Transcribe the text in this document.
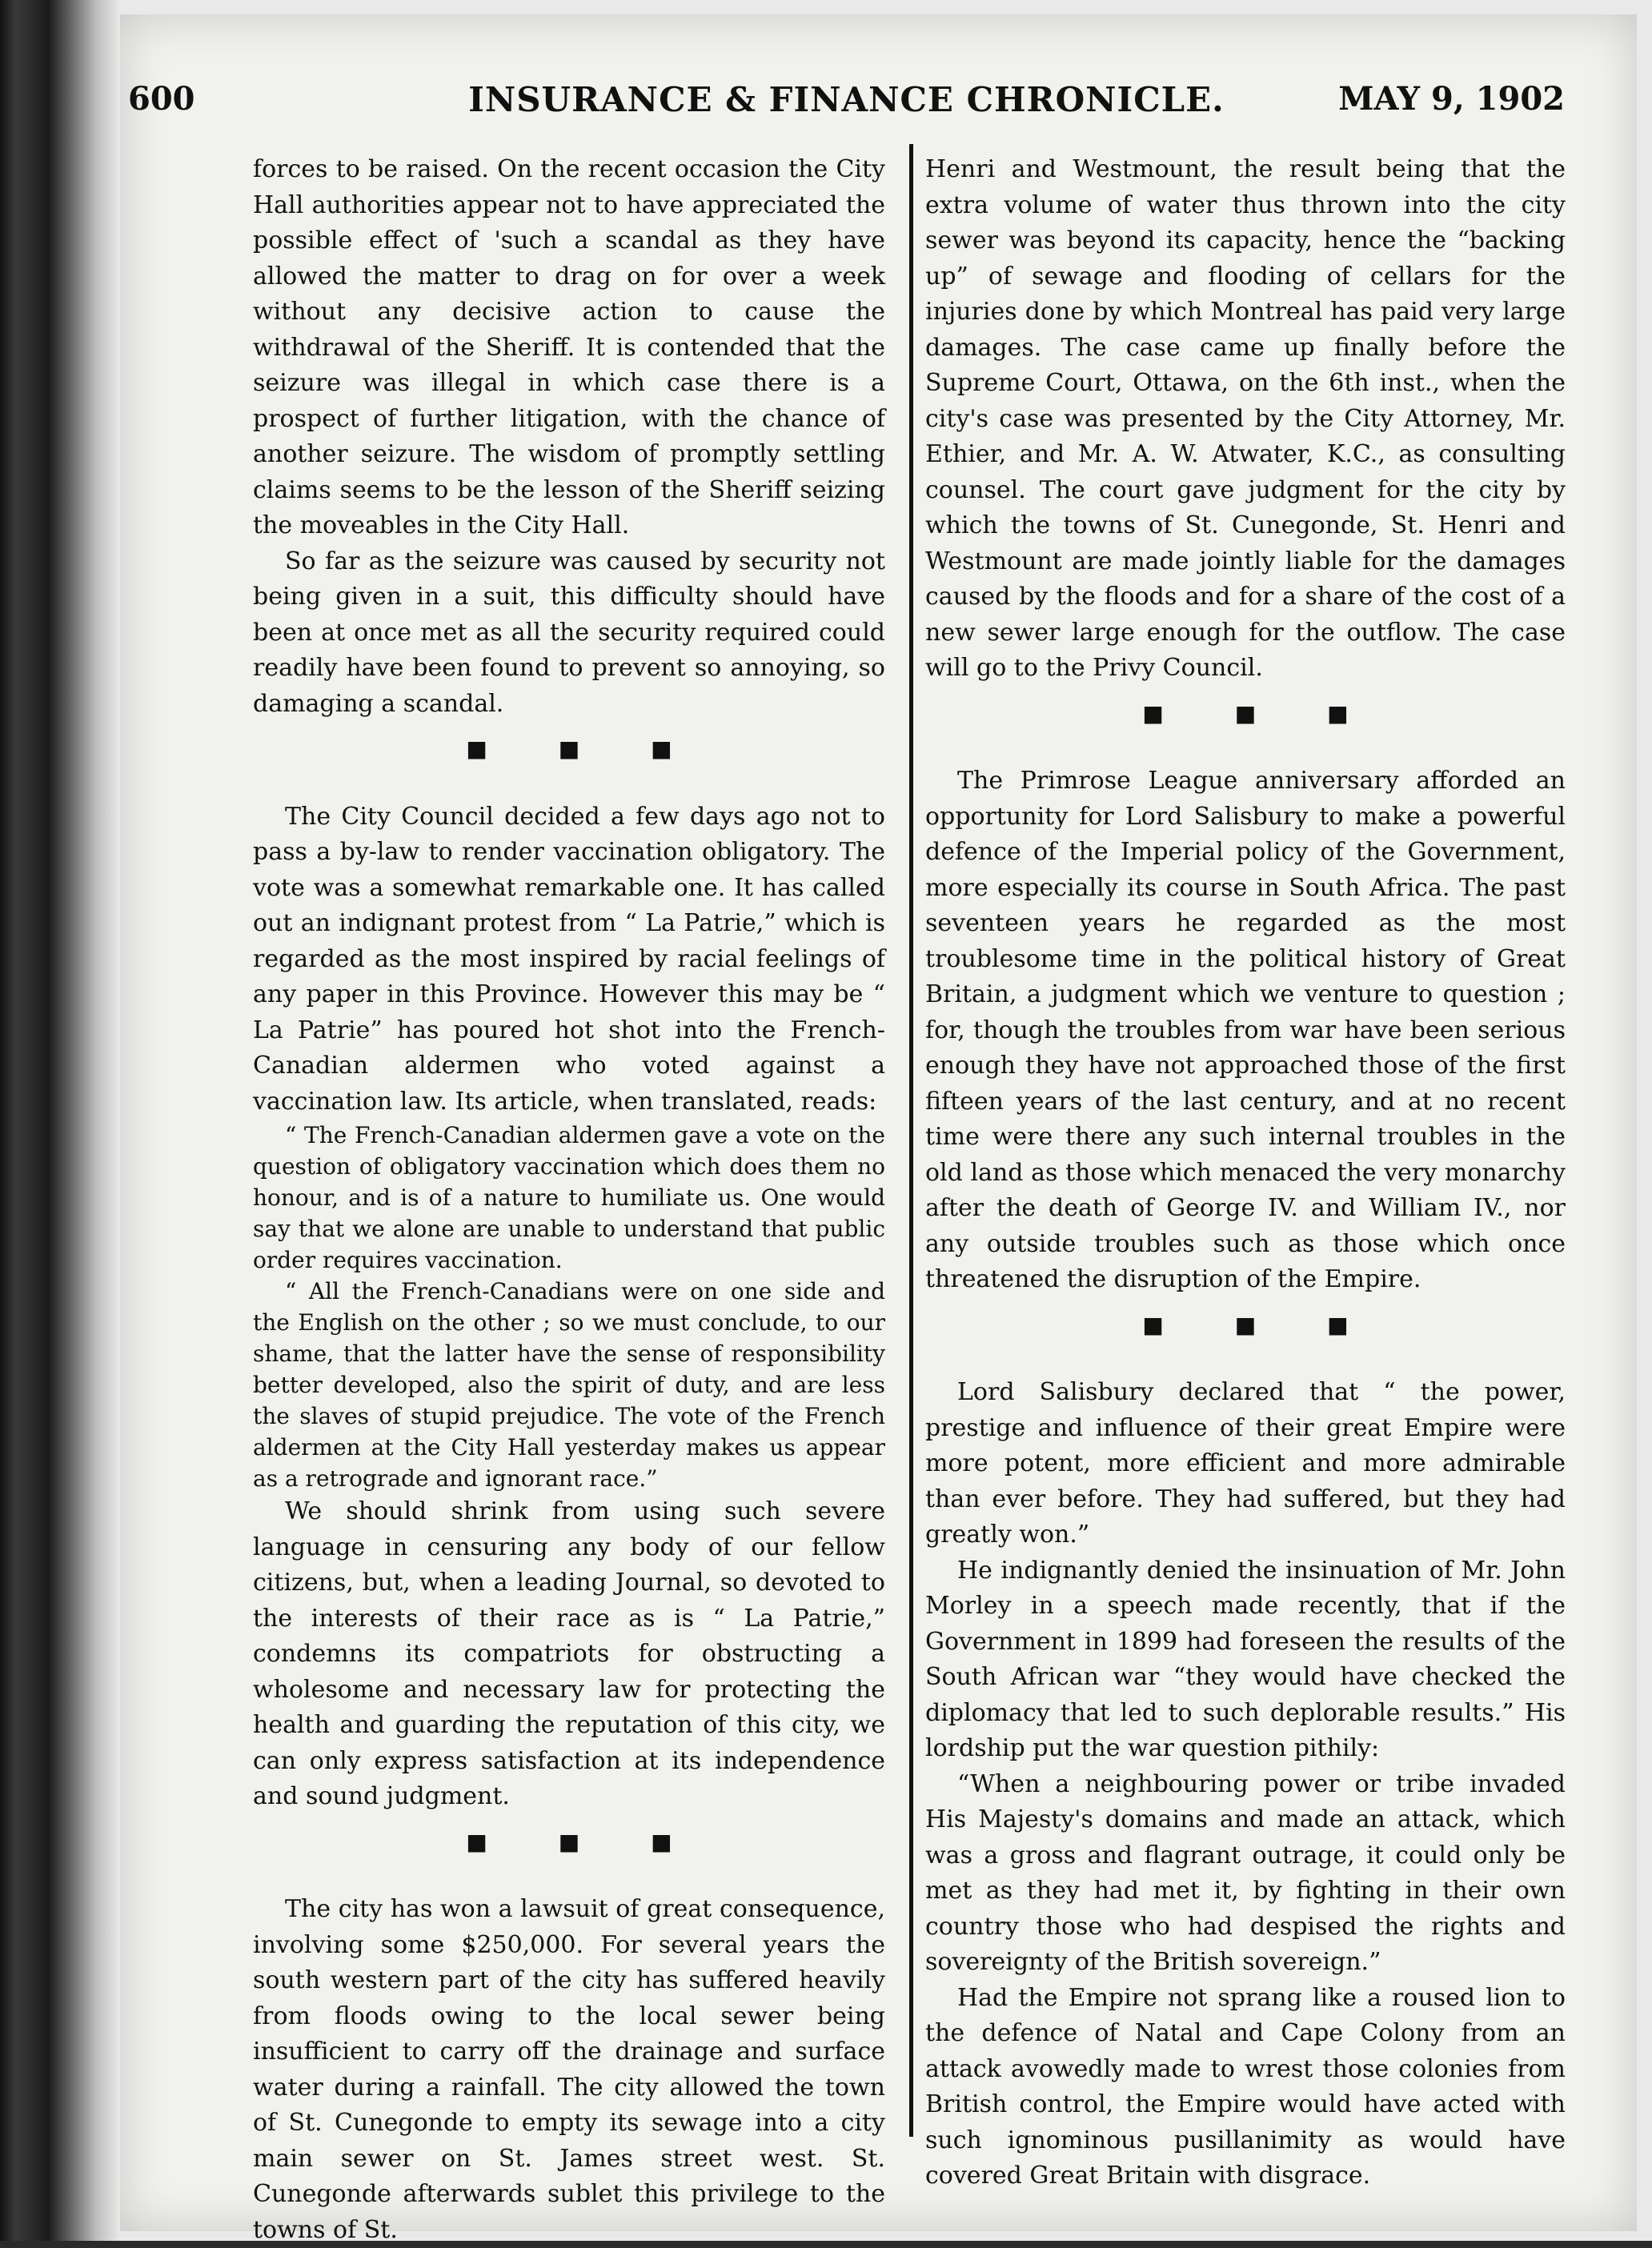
600	INSURANCE & FINANCE CHRONICLE.	MAY 9, 1902

forces to be raised. On the recent occasion the City Hall authorities appear not to have appreciated the possible effect of 'such a scandal as they have allowed the matter to drag on for over a week without any decisive action to cause the withdrawal of the Sheriff. It is contended that the seizure was illegal in which case there is a prospect of further litigation, with the chance of another seizure. The wisdom of promptly settling claims seems to be the lesson of the Sheriff seizing the moveables in the City Hall.

So far as the seizure was caused by security not being given in a suit, this difficulty should have been at once met as all the security required could readily have been found to prevent so annoying, so damaging a scandal.

■ ■ ■

The City Council decided a few days ago not to pass a by-law to render vaccination obligatory. The vote was a somewhat remarkable one. It has called out an indignant protest from “ La Patrie,” which is regarded as the most inspired by racial feelings of any paper in this Province. However this may be “ La Patrie” has poured hot shot into the French-Canadian aldermen who voted against a vaccination law. Its article, when translated, reads:

“ The French-Canadian aldermen gave a vote on the question of obligatory vaccination which does them no honour, and is of a nature to humiliate us. One would say that we alone are unable to understand that public order requires vaccination.

“ All the French-Canadians were on one side and the English on the other ; so we must conclude, to our shame, that the latter have the sense of responsibility better developed, also the spirit of duty, and are less the slaves of stupid prejudice. The vote of the French aldermen at the City Hall yesterday makes us appear as a retrograde and ignorant race.”

We should shrink from using such severe language in censuring any body of our fellow citizens, but, when a leading Journal, so devoted to the interests of their race as is “ La Patrie,” condemns its compatriots for obstructing a wholesome and necessary law for protecting the health and guarding the reputation of this city, we can only express satisfaction at its independence and sound judgment.

■ ■ ■

The city has won a lawsuit of great consequence, involving some $250,000. For several years the south western part of the city has suffered heavily from floods owing to the local sewer being insufficient to carry off the drainage and surface water during a rainfall. The city allowed the town of St. Cunegonde to empty its sewage into a city main sewer on St. James street west. St. Cunegonde afterwards sublet this privilege to the towns of St.

Henri and Westmount, the result being that the extra volume of water thus thrown into the city sewer was beyond its capacity, hence the “backing up” of sewage and flooding of cellars for the injuries done by which Montreal has paid very large damages. The case came up finally before the Supreme Court, Ottawa, on the 6th inst., when the city's case was presented by the City Attorney, Mr. Ethier, and Mr. A. W. Atwater, K.C., as consulting counsel. The court gave judgment for the city by which the towns of St. Cunegonde, St. Henri and Westmount are made jointly liable for the damages caused by the floods and for a share of the cost of a new sewer large enough for the outflow. The case will go to the Privy Council.

■ ■ ■

The Primrose League anniversary afforded an opportunity for Lord Salisbury to make a powerful defence of the Imperial policy of the Government, more especially its course in South Africa. The past seventeen years he regarded as the most troublesome time in the political history of Great Britain, a judgment which we venture to question ; for, though the troubles from war have been serious enough they have not approached those of the first fifteen years of the last century, and at no recent time were there any such internal troubles in the old land as those which menaced the very monarchy after the death of George IV. and William IV., nor any outside troubles such as those which once threatened the disruption of the Empire.

■ ■ ■

Lord Salisbury declared that “ the power, prestige and influence of their great Empire were more potent, more efficient and more admirable than ever before. They had suffered, but they had greatly won.”

He indignantly denied the insinuation of Mr. John Morley in a speech made recently, that if the Government in 1899 had foreseen the results of the South African war “they would have checked the diplomacy that led to such deplorable results.” His lordship put the war question pithily:

“When a neighbouring power or tribe invaded His Majesty's domains and made an attack, which was a gross and flagrant outrage, it could only be met as they had met it, by fighting in their own country those who had despised the rights and sovereignty of the British sovereign.”

Had the Empire not sprang like a roused lion to the defence of Natal and Cape Colony from an attack avowedly made to wrest those colonies from British control, the Empire would have acted with such ignominous pusillanimity as would have covered Great Britain with disgrace.
